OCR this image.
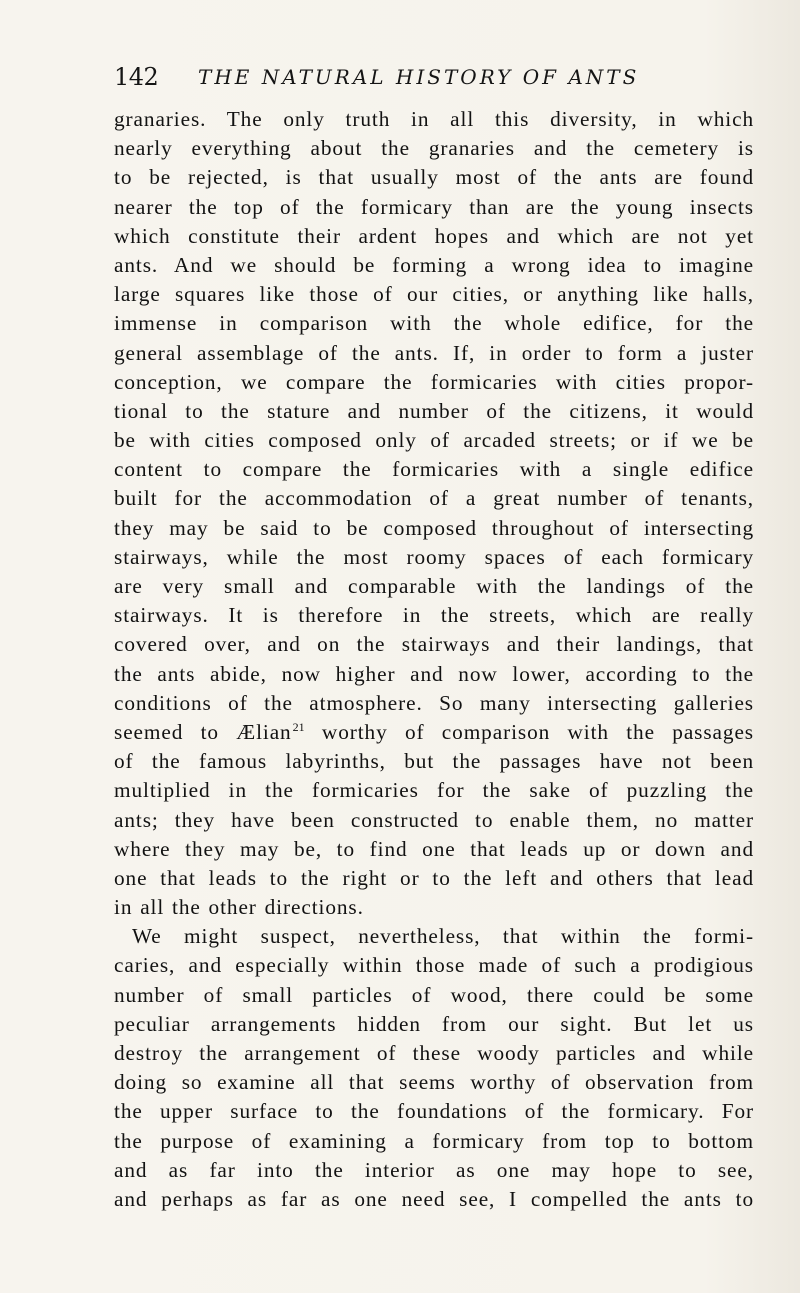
142 THE NATURAL HISTORY OF ANTS
granaries. The only truth in all this diversity, in which
nearly everything about the granaries and the cemetery is
to be rejected, is that usually most of the ants are found
nearer the top of the formicary than are the young insects
which constitute their ardent hopes and which are not yet
ants. And we should be forming a wrong idea to imagine
large squares like those of our cities, or anything like halls,
immense in comparison with the whole edifice, for the
general assemblage of the ants. If, in order to form a juster
conception, we compare the formicaries with cities propor-
tional to the stature and number of the citizens, it would
be with cities composed only of arcaded streets; or if we be
content to compare the formicaries with a single edifice
built for the accommodation of a great number of tenants,
they may be said to be composed throughout of intersecting
stairways, while the most roomy spaces of each formicary
are very small and comparable with the landings of the
stairways. It is therefore in the streets, which are really
covered over, and on the stairways and their landings, that
the ants abide, now higher and now lower, according to the
conditions of the atmosphere. So many intersecting galleries
seemed to Ælian$^{21}$ worthy of comparison with the passages
of the famous labyrinths, but the passages have not been
multiplied in the formicaries for the sake of puzzling the
ants; they have been constructed to enable them, no matter
where they may be, to find one that leads up or down and
one that leads to the right or to the left and others that lead
in all the other directions.
We might suspect, nevertheless, that within the formi-
caries, and especially within those made of such a prodigious
number of small particles of wood, there could be some
peculiar arrangements hidden from our sight. But let us
destroy the arrangement of these woody particles and while
doing so examine all that seems worthy of observation from
the upper surface to the foundations of the formicary. For
the purpose of examining a formicary from top to bottom
and as far into the interior as one may hope to see,
and perhaps as far as one need see, I compelled the ants to
